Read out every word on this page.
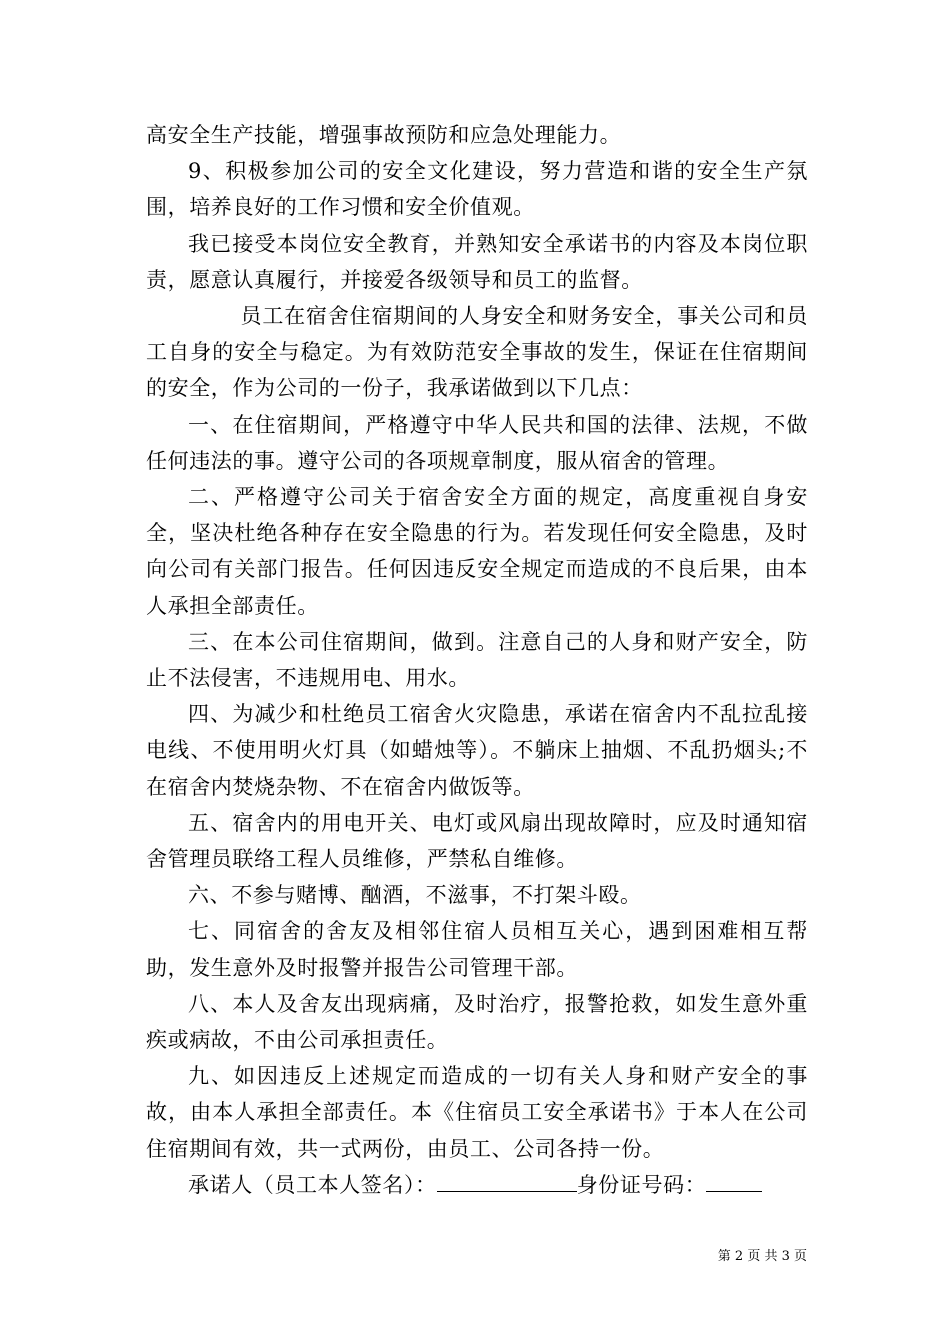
高安全生产技能，增强事故预防和应急处理能力。

9、积极参加公司的安全文化建设，努力营造和谐的安全生产氛围，培养良好的工作习惯和安全价值观。

我已接受本岗位安全教育，并熟知安全承诺书的内容及本岗位职责，愿意认真履行，并接爱各级领导和员工的监督。

员工在宿舍住宿期间的人身安全和财务安全，事关公司和员工自身的安全与稳定。为有效防范安全事故的发生，保证在住宿期间的安全，作为公司的一份子，我承诺做到以下几点：

一、在住宿期间，严格遵守中华人民共和国的法律、法规，不做任何违法的事。遵守公司的各项规章制度，服从宿舍的管理。

二、严格遵守公司关于宿舍安全方面的规定，高度重视自身安全，坚决杜绝各种存在安全隐患的行为。若发现任何安全隐患，及时向公司有关部门报告。任何因违反安全规定而造成的不良后果，由本人承担全部责任。

三、在本公司住宿期间，做到。注意自己的人身和财产安全，防止不法侵害，不违规用电、用水。

四、为减少和杜绝员工宿舍火灾隐患，承诺在宿舍内不乱拉乱接电线、不使用明火灯具（如蜡烛等）。不躺床上抽烟、不乱扔烟头;不在宿舍内焚烧杂物、不在宿舍内做饭等。

五、宿舍内的用电开关、电灯或风扇出现故障时，应及时通知宿舍管理员联络工程人员维修，严禁私自维修。

六、不参与赌博、酗酒，不滋事，不打架斗殴。

七、同宿舍的舍友及相邻住宿人员相互关心，遇到困难相互帮助，发生意外及时报警并报告公司管理干部。

八、本人及舍友出现病痛，及时治疗，报警抢救，如发生意外重疾或病故，不由公司承担责任。

九、如因违反上述规定而造成的一切有关人身和财产安全的事故，由本人承担全部责任。本《住宿员工安全承诺书》于本人在公司住宿期间有效，共一式两份，由员工、公司各持一份。

承诺人（员工本人签名）：	身份证号码：

第 2 页 共 3 页
